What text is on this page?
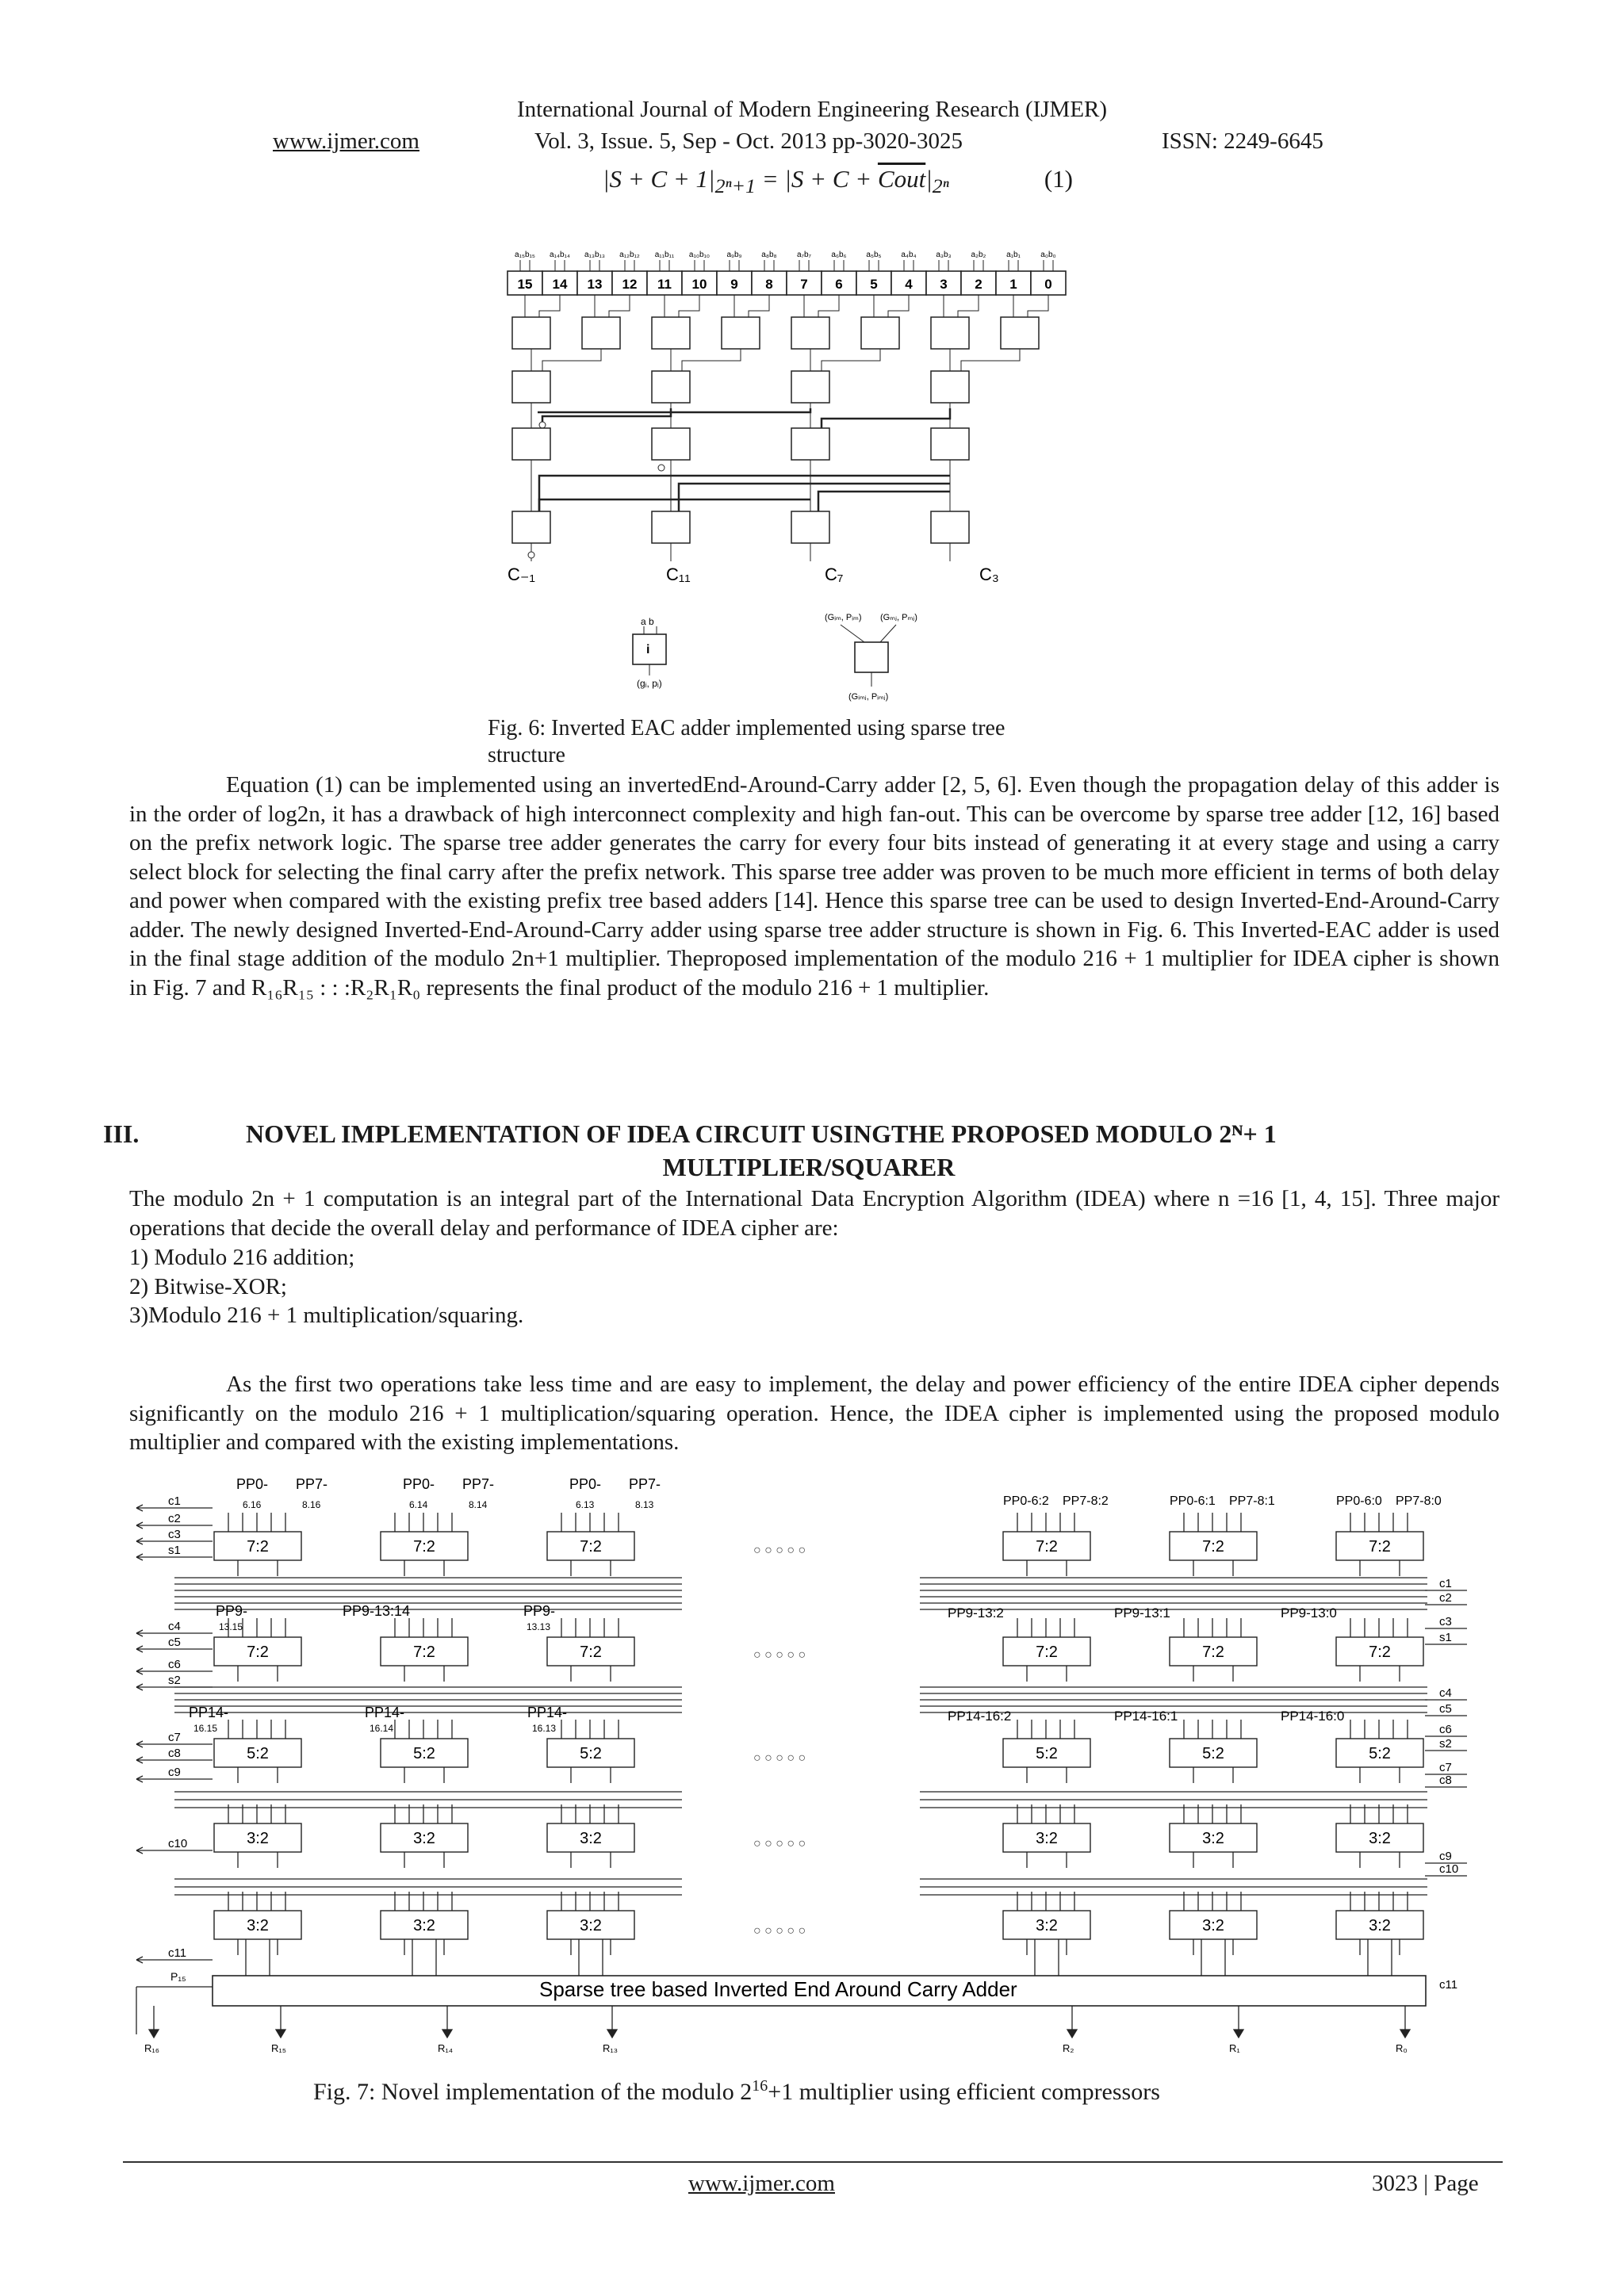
International Journal of Modern Engineering Research (IJMER)
www.ijmer.com	Vol. 3, Issue. 5, Sep - Oct. 2013 pp-3020-3025	ISSN: 2249-6645
$|S + C + 1|_{2^n+1} = |S + C$ + $Cout|_{2^n}$	(1)
15
a₁₅b₁₅
14
a₁₄b₁₄
13
a₁₃b₁₃
12
a₁₂b₁₂
11
a₁₁b₁₁
10
a₁₀b₁₀
9
a₉b₉
8
a₈b₈
7
a₇b₇
6
a₆b₆
5
a₅b₅
4
a₄b₄
3
a₃b₃
2
a₂b₂
1
a₁b₁
0
a₀b₀
C₋₁	C₁₁	C₇	C₃
a b
i
(gᵢ, pᵢ)
(Gᵢₘ, Pᵢₘ) (Gₘⱼ, Pₘⱼ)
(Gᵢₘⱼ, Pᵢₘⱼ)
Fig. 6: Inverted EAC adder implemented using sparse tree
structure
Equation (1) can be implemented using an invertedEnd-Around-Carry adder [2, 5, 6]. Even though the propagation delay of this adder is in the order of log2n, it has a drawback of high interconnect complexity and high fan-out. This can be overcome by sparse tree adder [12, 16] based on the prefix network logic. The sparse tree adder generates the carry for every four bits instead of generating it at every stage and using a carry select block for selecting the final carry after the prefix network. This sparse tree adder was proven to be much more efficient in terms of both delay and power when compared with the existing prefix tree based adders [14]. Hence this sparse tree can be used to design Inverted-End-Around-Carry adder. The newly designed Inverted-End-Around-Carry adder using sparse tree adder structure is shown in Fig. 6. This Inverted-EAC adder is used in the final stage addition of the modulo 2n+1 multiplier. Theproposed implementation of the modulo 216 + 1 multiplier for IDEA cipher is shown in Fig. 7 and R₁₆R₁₅ : : :R₂R₁R₀ represents the final product of the modulo 216 + 1 multiplier.
III.	NOVEL IMPLEMENTATION OF IDEA CIRCUIT USINGTHE PROPOSED MODULO 2ᴺ+ 1
MULTIPLIER/SQUARER
The modulo 2n + 1 computation is an integral part of the International Data Encryption Algorithm (IDEA) where n =16 [1, 4, 15]. Three major operations that decide the overall delay and performance of IDEA cipher are:
1) Modulo 216 addition;
2) Bitwise-XOR;
3)Modulo 216 + 1 multiplication/squaring.
As the first two operations take less time and are easy to implement, the delay and power efficiency of the entire IDEA cipher depends significantly on the modulo 216 + 1 multiplication/squaring operation. Hence, the IDEA cipher is implemented using the proposed modulo multiplier and compared with the existing implementations.
7:2
7:2
5:2
3:2
3:2
7:2
7:2
5:2
3:2
3:2
7:2
7:2
5:2
3:2
3:2
7:2
7:2
5:2
3:2
3:2
7:2
7:2
5:2
3:2
3:2
7:2
7:2
5:2
3:2
3:2
c1
c2
c3
s1
c4
c5
c6
s2
c7
c8
c9
c10
c11
c1
c2
c3
s1
c4
c5
c6
s2
c7
c8
c9
c10
PP0-
6.16
PP7-
8.16
PP0-
6.14
PP7-
8.14
PP0-
6.13
PP7-
8.13	PP0-6:2 PP7-8:2	PP0-6:1 PP7-8:1	PP0-6:0 PP7-8:0
PP9-
13.15
PP9-13:14	PP9-
13.13
PP9-13:2	PP9-13:1	PP9-13:0
PP14-
16.15
PP14-
16.14
PP14-
16.13
PP14-16:2	PP14-16:1	PP14-16:0
R₁₆	R₁₅	R₁₄	R₁₃	R₂	R₁	R₀
○ ○ ○ ○ ○
○ ○ ○ ○ ○
○ ○ ○ ○ ○
○ ○ ○ ○ ○
○ ○ ○ ○ ○
Sparse tree based Inverted End Around Carry Adder
P₁₅
c11
Fig. 7: Novel implementation of the modulo $2^{16}+1$ multiplier using efficient compressors
www.ijmer.com	3023 | Page
